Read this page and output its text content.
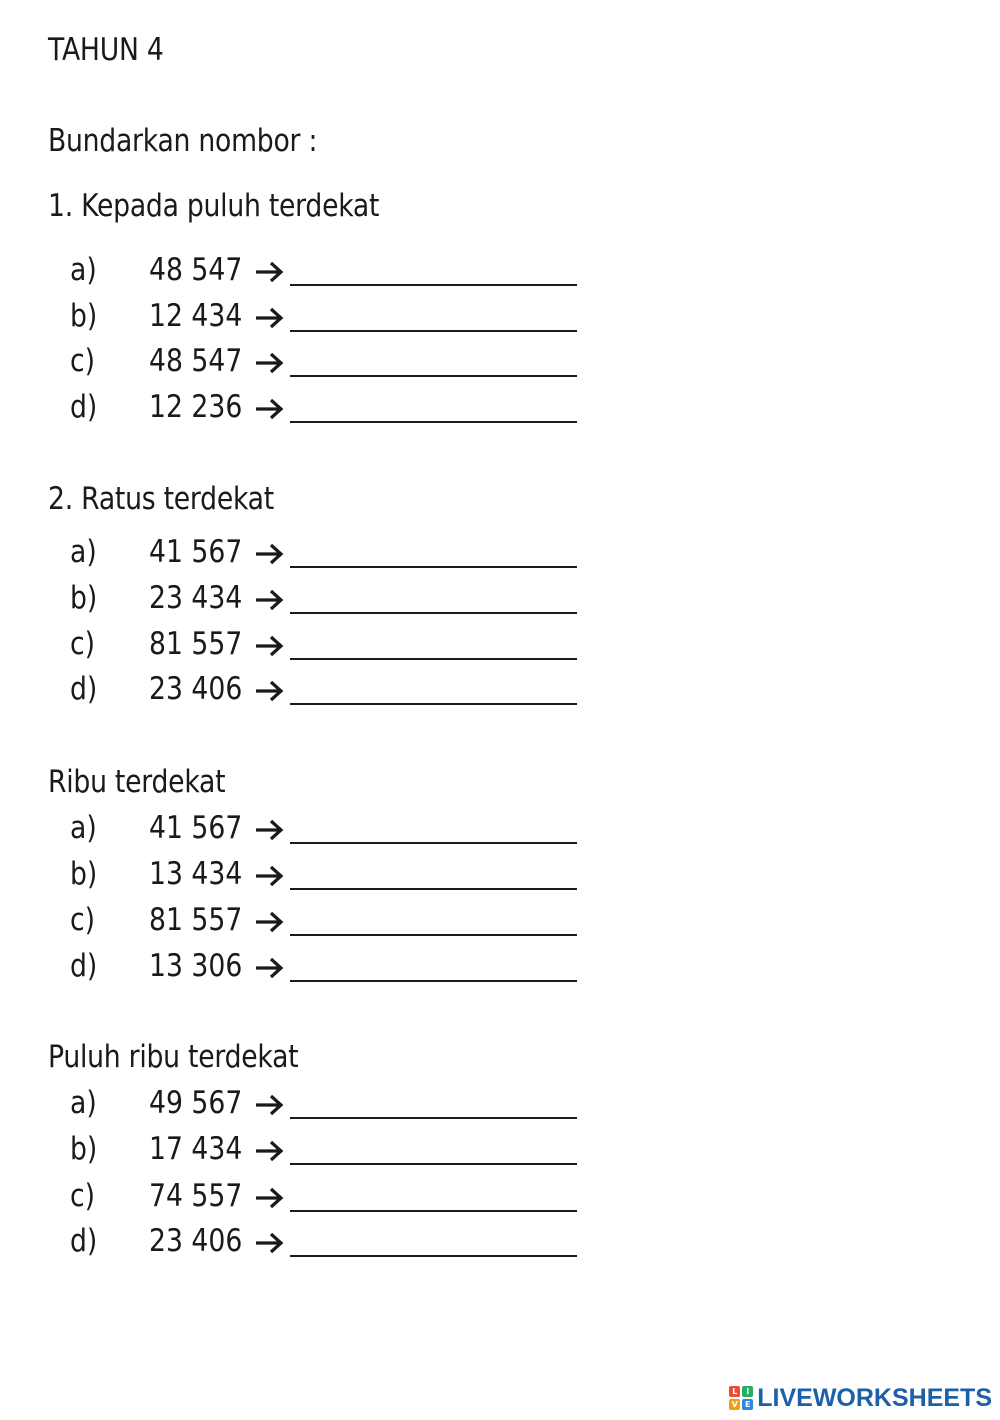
TAHUN 4
Bundarkan nombor :
1. Kepada puluh terdekat
a) 48 547
b) 12 434
c) 48 547
d) 12 236
2. Ratus terdekat
a) 41 567
b) 23 434
c) 81 557
d) 23 406
Ribu terdekat
a) 41 567
b) 13 434
c) 81 557
d) 13 306
Puluh ribu terdekat
a) 49 567
b) 17 434
c) 74 557
d) 23 406
L	I
V E LIVEWORKSHEETS
